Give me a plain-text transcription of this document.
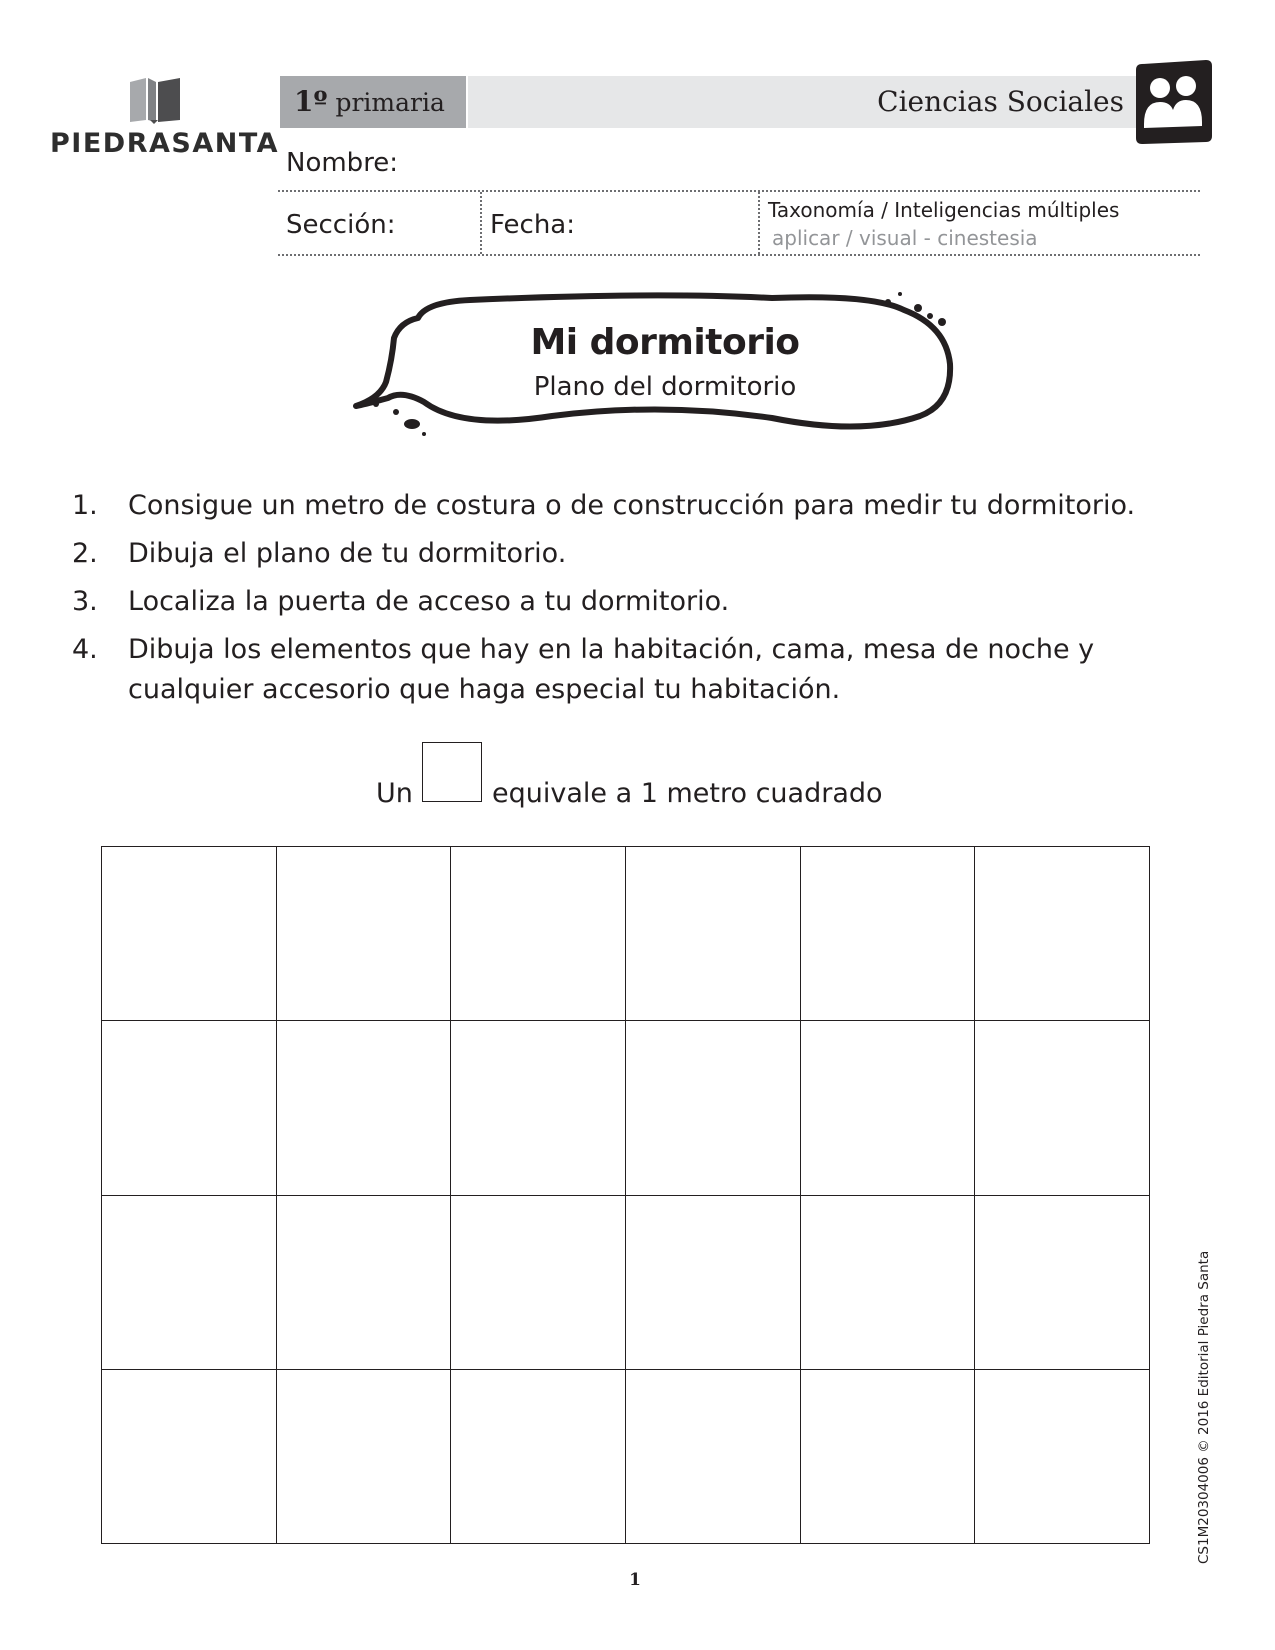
PIEDRASANTA
1º primaria	Ciencias Sociales
Nombre:
Sección:	Fecha:	Taxonomía / Inteligencias múltiples
aplicar / visual - cinestesia
Mi dormitorio
Plano del dormitorio
1.	Consigue un metro de costura o de construcción para medir tu dormitorio.
2.	Dibuja el plano de tu dormitorio.
3.	Localiza la puerta de acceso a tu dormitorio.
4.	Dibuja los elementos que hay en la habitación, cama, mesa de noche y cualquier accesorio que haga especial tu habitación.
Un	equivale a 1 metro cuadrado
1
CS1M20304006 © 2016 Editorial Piedra Santa
